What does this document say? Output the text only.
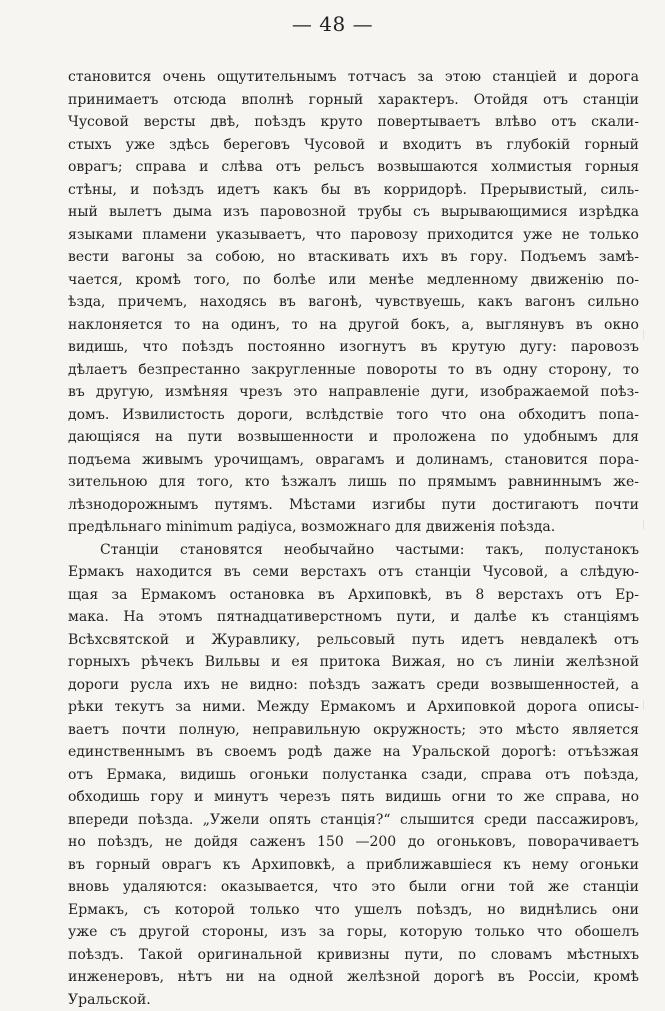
— 48 —
▏
▏
▏
становится очень ощутительнымъ тотчасъ за этою станціей и дорога
принимаетъ отсюда вполнѣ горный характеръ. Отойдя отъ станціи
Чусовой версты двѣ, поѣздъ круто повертываетъ влѣво отъ скали-
стыхъ уже здѣсь береговъ Чусовой и входитъ въ глубокій горный
оврагъ; справа и слѣва отъ рельсъ возвышаются холмистыя горныя
стѣны, и поѣздъ идетъ какъ бы въ корридорѣ. Прерывистый, силь-
ный вылетъ дыма изъ паровозной трубы съ вырывающимися изрѣдка
языками пламени указываетъ, что паровозу приходится уже не только
вести вагоны за собою, но втаскивать ихъ въ гору. Подъемъ замѣ-
чается, кромѣ того, по болѣе или менѣе медленному движенію по-
ѣзда, причемъ, находясь въ вагонѣ, чувствуешь, какъ вагонъ сильно
наклоняется то на одинъ, то на другой бокъ, а, выглянувъ въ окно
видишь, что поѣздъ постоянно изогнутъ въ крутую дугу: паровозъ
дѣлаетъ безпрестанно закругленные повороты то въ одну сторону, то
въ другую, измѣняя чрезъ это направленіе дуги, изображаемой поѣз-
домъ. Извилистость дороги, вслѣдствіе того что она обходитъ попа-
дающіяся на пути возвышенности и проложена по удобнымъ для
подъема живымъ урочищамъ, оврагамъ и долинамъ, становится пора-
зительною для того, кто ѣзжалъ лишь по прямымъ равниннымъ же-
лѣзнодорожнымъ путямъ. Мѣстами изгибы пути достигаютъ почти
предѣльнаго minimum радіуса, возможнаго для движенія поѣзда.
Станціи становятся необычайно частыми: такъ, полустанокъ
Ермакъ находится въ семи верстахъ отъ станціи Чусовой, а слѣдую-
щая за Ермакомъ остановка въ Архиповкѣ, въ 8 верстахъ отъ Ер-
мака. На этомъ пятнадцативерстномъ пути, и далѣе къ станціямъ
Всѣхсвятской и Журавлику, рельсовый путь идетъ невдалекѣ отъ
горныхъ рѣчекъ Вильвы и ея притока Вижая, но съ линіи желѣзной
дороги русла ихъ не видно: поѣздъ зажатъ среди возвышенностей, а
рѣки текутъ за ними. Между Ермакомъ и Архиповкой дорога описы-
ваетъ почти полную, неправильную окружность; это мѣсто является
единственнымъ въ своемъ родѣ даже на Уральской дорогѣ: отъѣзжая
отъ Ермака, видишь огоньки полустанка сзади, справа отъ поѣзда,
обходишь гору и минутъ черезъ пять видишь огни то же справа, но
впереди поѣзда. „Ужели опять станція?“ слышится среди пассажировъ,
но поѣздъ, не дойдя саженъ 150 —200 до огоньковъ, поворачиваетъ
въ горный оврагъ къ Архиповкѣ, а приближавшіеся къ нему огоньки
вновь удаляются: оказывается, что это были огни той же станціи
Ермакъ, съ которой только что ушелъ поѣздъ, но виднѣлись они
уже съ другой стороны, изъ за горы, которую только что обошелъ
поѣздъ. Такой оригинальной кривизны пути, по словамъ мѣстныхъ
инженеровъ, нѣтъ ни на одной желѣзной дорогѣ въ Россіи, кромѣ
Уральской.
